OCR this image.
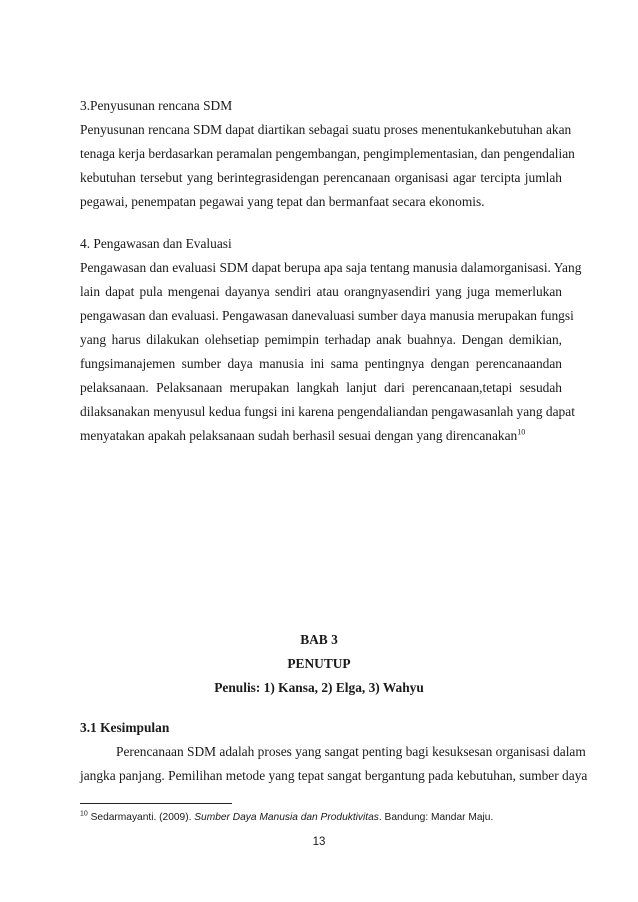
3.Penyusunan rencana SDM
Penyusunan rencana SDM dapat diartikan sebagai suatu proses menentukankebutuhan akan
tenaga kerja berdasarkan peramalan pengembangan, pengimplementasian, dan pengendalian
kebutuhan tersebut yang berintegrasidengan perencanaan organisasi agar tercipta jumlah
pegawai, penempatan pegawai yang tepat dan bermanfaat secara ekonomis.
4. Pengawasan dan Evaluasi
Pengawasan dan evaluasi SDM dapat berupa apa saja tentang manusia dalamorganisasi. Yang
lain dapat pula mengenai dayanya sendiri atau orangnyasendiri yang juga memerlukan
pengawasan dan evaluasi. Pengawasan danevaluasi sumber daya manusia merupakan fungsi
yang harus dilakukan olehsetiap pemimpin terhadap anak buahnya. Dengan demikian,
fungsimanajemen sumber daya manusia ini sama pentingnya dengan perencanaandan
pelaksanaan. Pelaksanaan merupakan langkah lanjut dari perencanaan,tetapi sesudah
dilaksanakan menyusul kedua fungsi ini karena pengendaliandan pengawasanlah yang dapat
menyatakan apakah pelaksanaan sudah berhasil sesuai dengan yang direncanakan$^{10}$
BAB 3
PENUTUP
Penulis: 1) Kansa, 2) Elga, 3) Wahyu
3.1 Kesimpulan
Perencanaan SDM adalah proses yang sangat penting bagi kesuksesan organisasi dalam
jangka panjang. Pemilihan metode yang tepat sangat bergantung pada kebutuhan, sumber daya
$^{10}$ Sedarmayanti. (2009). Sumber Daya Manusia dan Produktivitas. Bandung: Mandar Maju.
13
